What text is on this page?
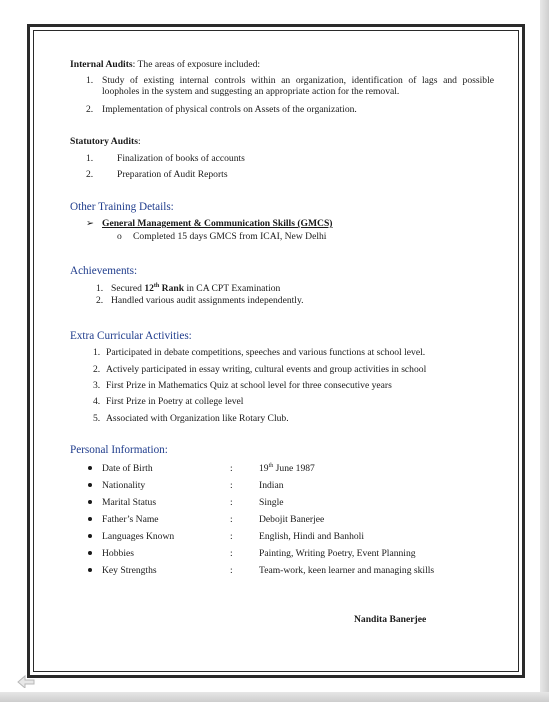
Internal Audits: The areas of exposure included:
1. Study of existing internal controls within an organization, identification of lags and possible loopholes in the system and suggesting an appropriate action for the removal.
2. Implementation of physical controls on Assets of the organization.
Statutory Audits:
1. Finalization of books of accounts
2. Preparation of Audit Reports
Other Training Details:
➢ General Management & Communication Skills (GMCS)
o Completed 15 days GMCS from ICAI, New Delhi
Achievements:
1. Secured 12th Rank in CA CPT Examination
2. Handled various audit assignments independently.
Extra Curricular Activities:
1. Participated in debate competitions, speeches and various functions at school level.
2. Actively participated in essay writing, cultural events and group activities in school
3. First Prize in Mathematics Quiz at school level for three consecutive years
4. First Prize in Poetry at college level
5. Associated with Organization like Rotary Club.
Personal Information:
Date of Birth	:	19th June 1987
Nationality	:	Indian
Marital Status	:	Single
Father’s Name	:	Debojit Banerjee
Languages Known	:	English, Hindi and Banholi
Hobbies	:	Painting, Writing Poetry, Event Planning
Key Strengths	:	Team-work, keen learner and managing skills
Nandita Banerjee
